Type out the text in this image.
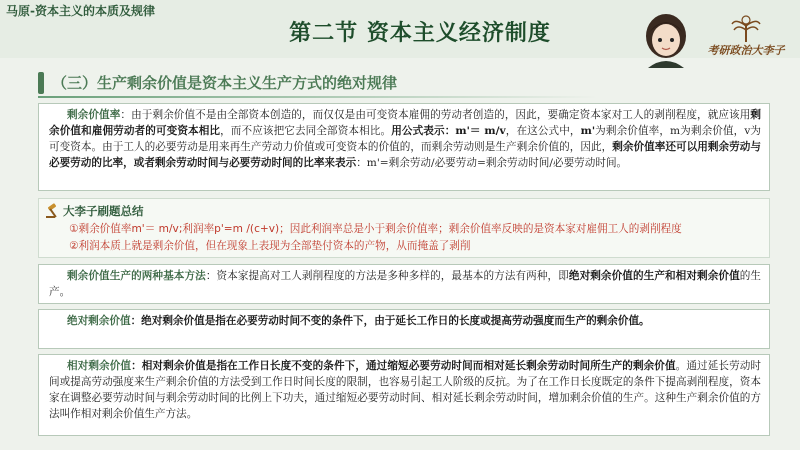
马原-资本主义的本质及规律
第二节 资本主义经济制度
考研政治大李子
（三）生产剩余价值是资本主义生产方式的绝对规律
剩余价值率：由于剩余价值不是由全部资本创造的，而仅仅是由可变资本雇佣的劳动者创造的，因此，要确定资本家对工人的剥削程度，就应该用剩余价值和雇佣劳动者的可变资本相比，而不应该把它去同全部资本相比。用公式表示：m'＝ m/v，在这公式中，m'为剩余价值率，m为剩余价值，v为可变资本。由于工人的必要劳动是用来再生产劳动力价值或可变资本的价值的，而剩余劳动则是生产剩余价值的，因此，剩余价值率还可以用剩余劳动与必要劳动的比率，或者剩余劳动时间与必要劳动时间的比率来表示：m'=剩余劳动/必要劳动=剩余劳动时间/必要劳动时间。
大李子刷题总结
①剩余价值率m'＝ m/v;利润率p'=m /(c+v)；因此利润率总是小于剩余价值率；剩余价值率反映的是资本家对雇佣工人的剥削程度
②利润本质上就是剩余价值，但在现象上表现为全部垫付资本的产物，从而掩盖了剥削
剩余价值生产的两种基本方法：资本家提高对工人剥削程度的方法是多种多样的，最基本的方法有两种，即绝对剩余价值的生产和相对剩余价值的生产。
绝对剩余价值：绝对剩余价值是指在必要劳动时间不变的条件下，由于延长工作日的长度或提高劳动强度而生产的剩余价值。
相对剩余价值：相对剩余价值是指在工作日长度不变的条件下，通过缩短必要劳动时间而相对延长剩余劳动时间所生产的剩余价值。通过延长劳动时间或提高劳动强度来生产剩余价值的方法受到工作日时间长度的限制，也容易引起工人阶级的反抗。为了在工作日长度既定的条件下提高剥削程度，资本家在调整必要劳动时间与剩余劳动时间的比例上下功夫，通过缩短必要劳动时间、相对延长剩余劳动时间，增加剩余价值的生产。这种生产剩余价值的方法叫作相对剩余价值生产方法。
